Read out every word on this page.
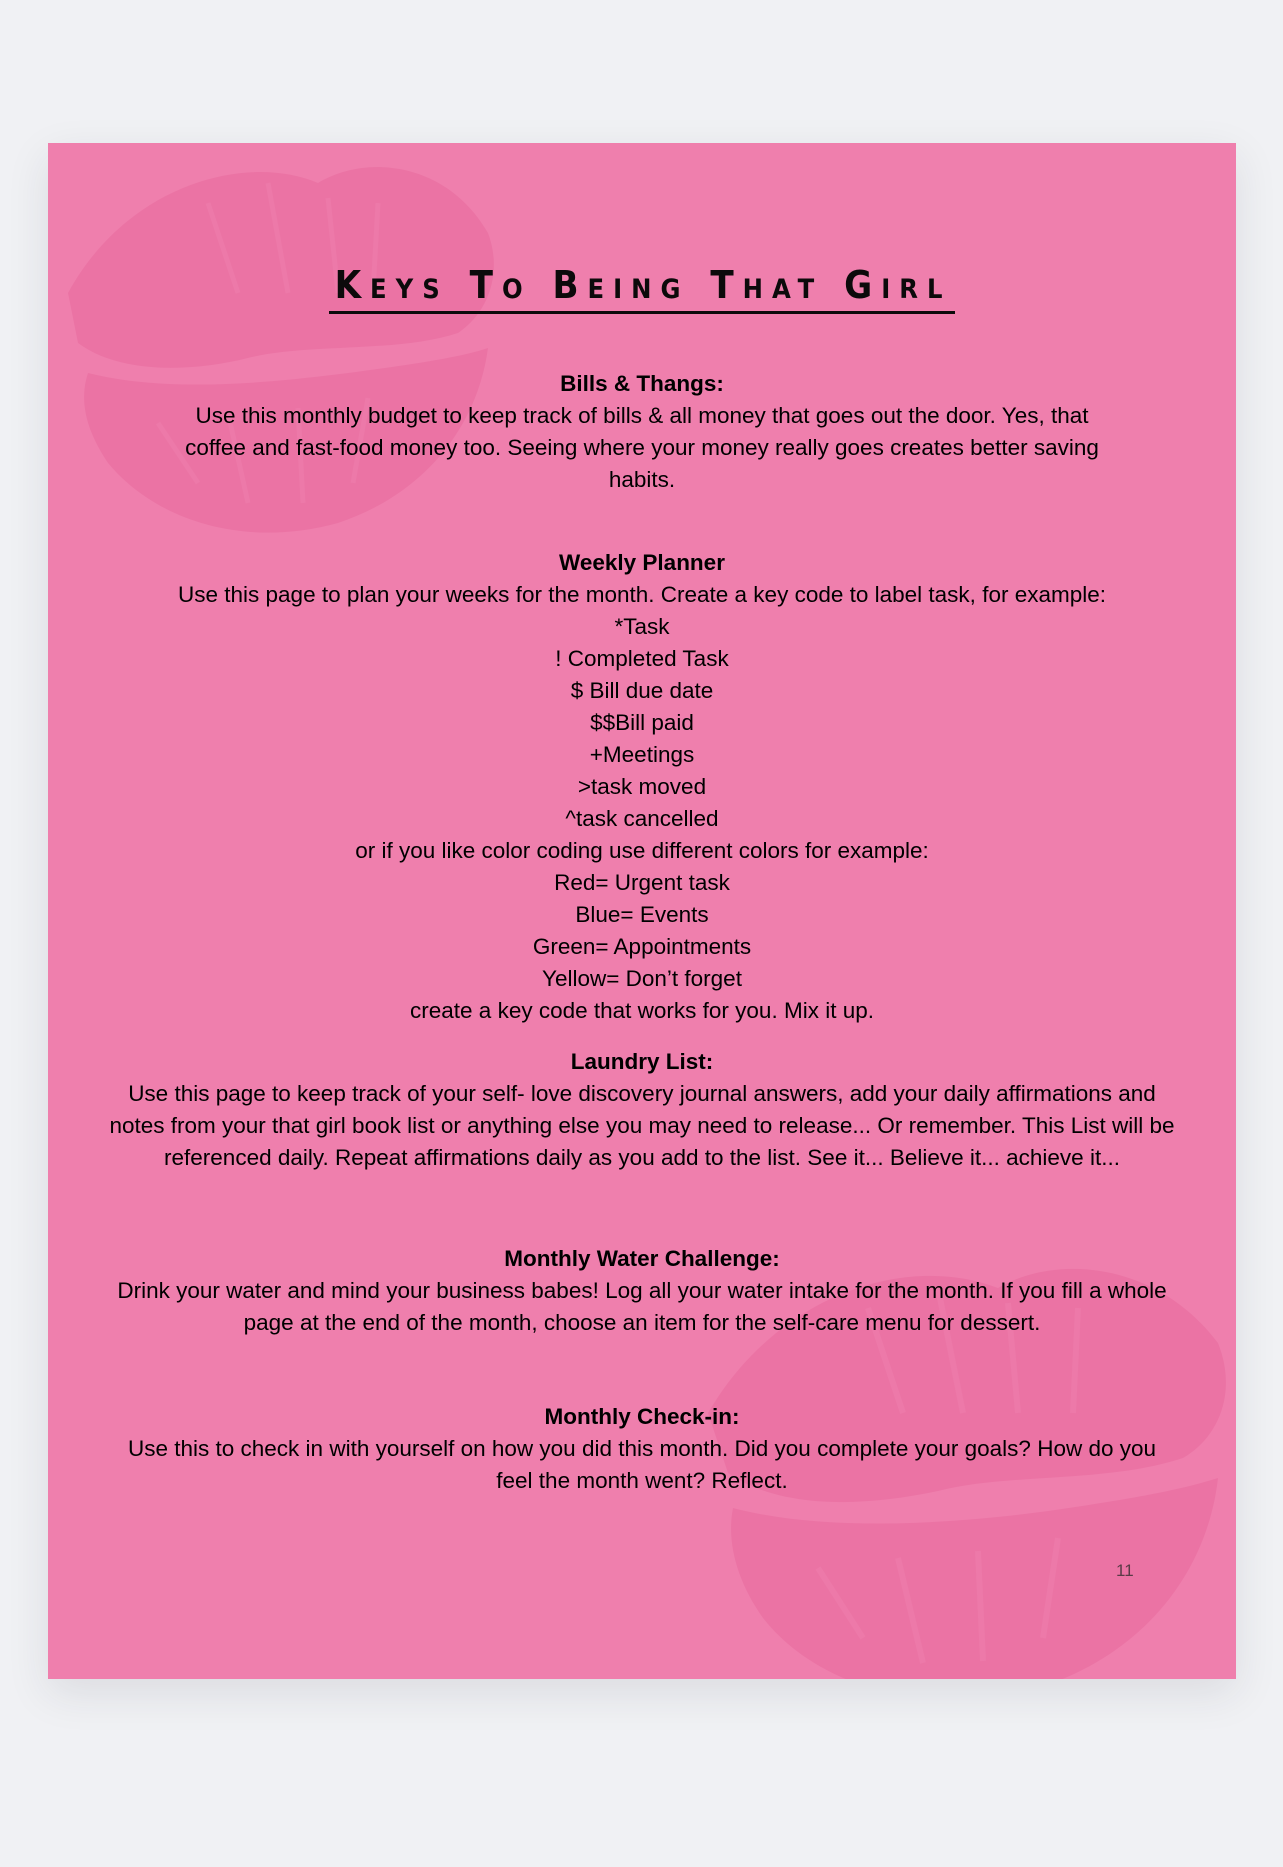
Keys To Being That Girl
Bills & Thangs:
Use this monthly budget to keep track of bills & all money that goes out the door. Yes, that
coffee and fast-food money too. Seeing where your money really goes creates better saving
habits.
Weekly Planner
Use this page to plan your weeks for the month. Create a key code to label task, for example:
*Task
! Completed Task
$ Bill due date
$$Bill paid
+Meetings
>task moved
^task cancelled
or if you like color coding use different colors for example:
Red= Urgent task
Blue= Events
Green= Appointments
Yellow= Don’t forget
create a key code that works for you. Mix it up.
Laundry List:
Use this page to keep track of your self- love discovery journal answers, add your daily affirmations and
notes from your that girl book list or anything else you may need to release... Or remember. This List will be
referenced daily. Repeat affirmations daily as you add to the list. See it... Believe it... achieve it...
Monthly Water Challenge:
Drink your water and mind your business babes! Log all your water intake for the month. If you fill a whole
page at the end of the month, choose an item for the self-care menu for dessert.
Monthly Check-in:
Use this to check in with yourself on how you did this month. Did you complete your goals? How do you
feel the month went? Reflect.
11
